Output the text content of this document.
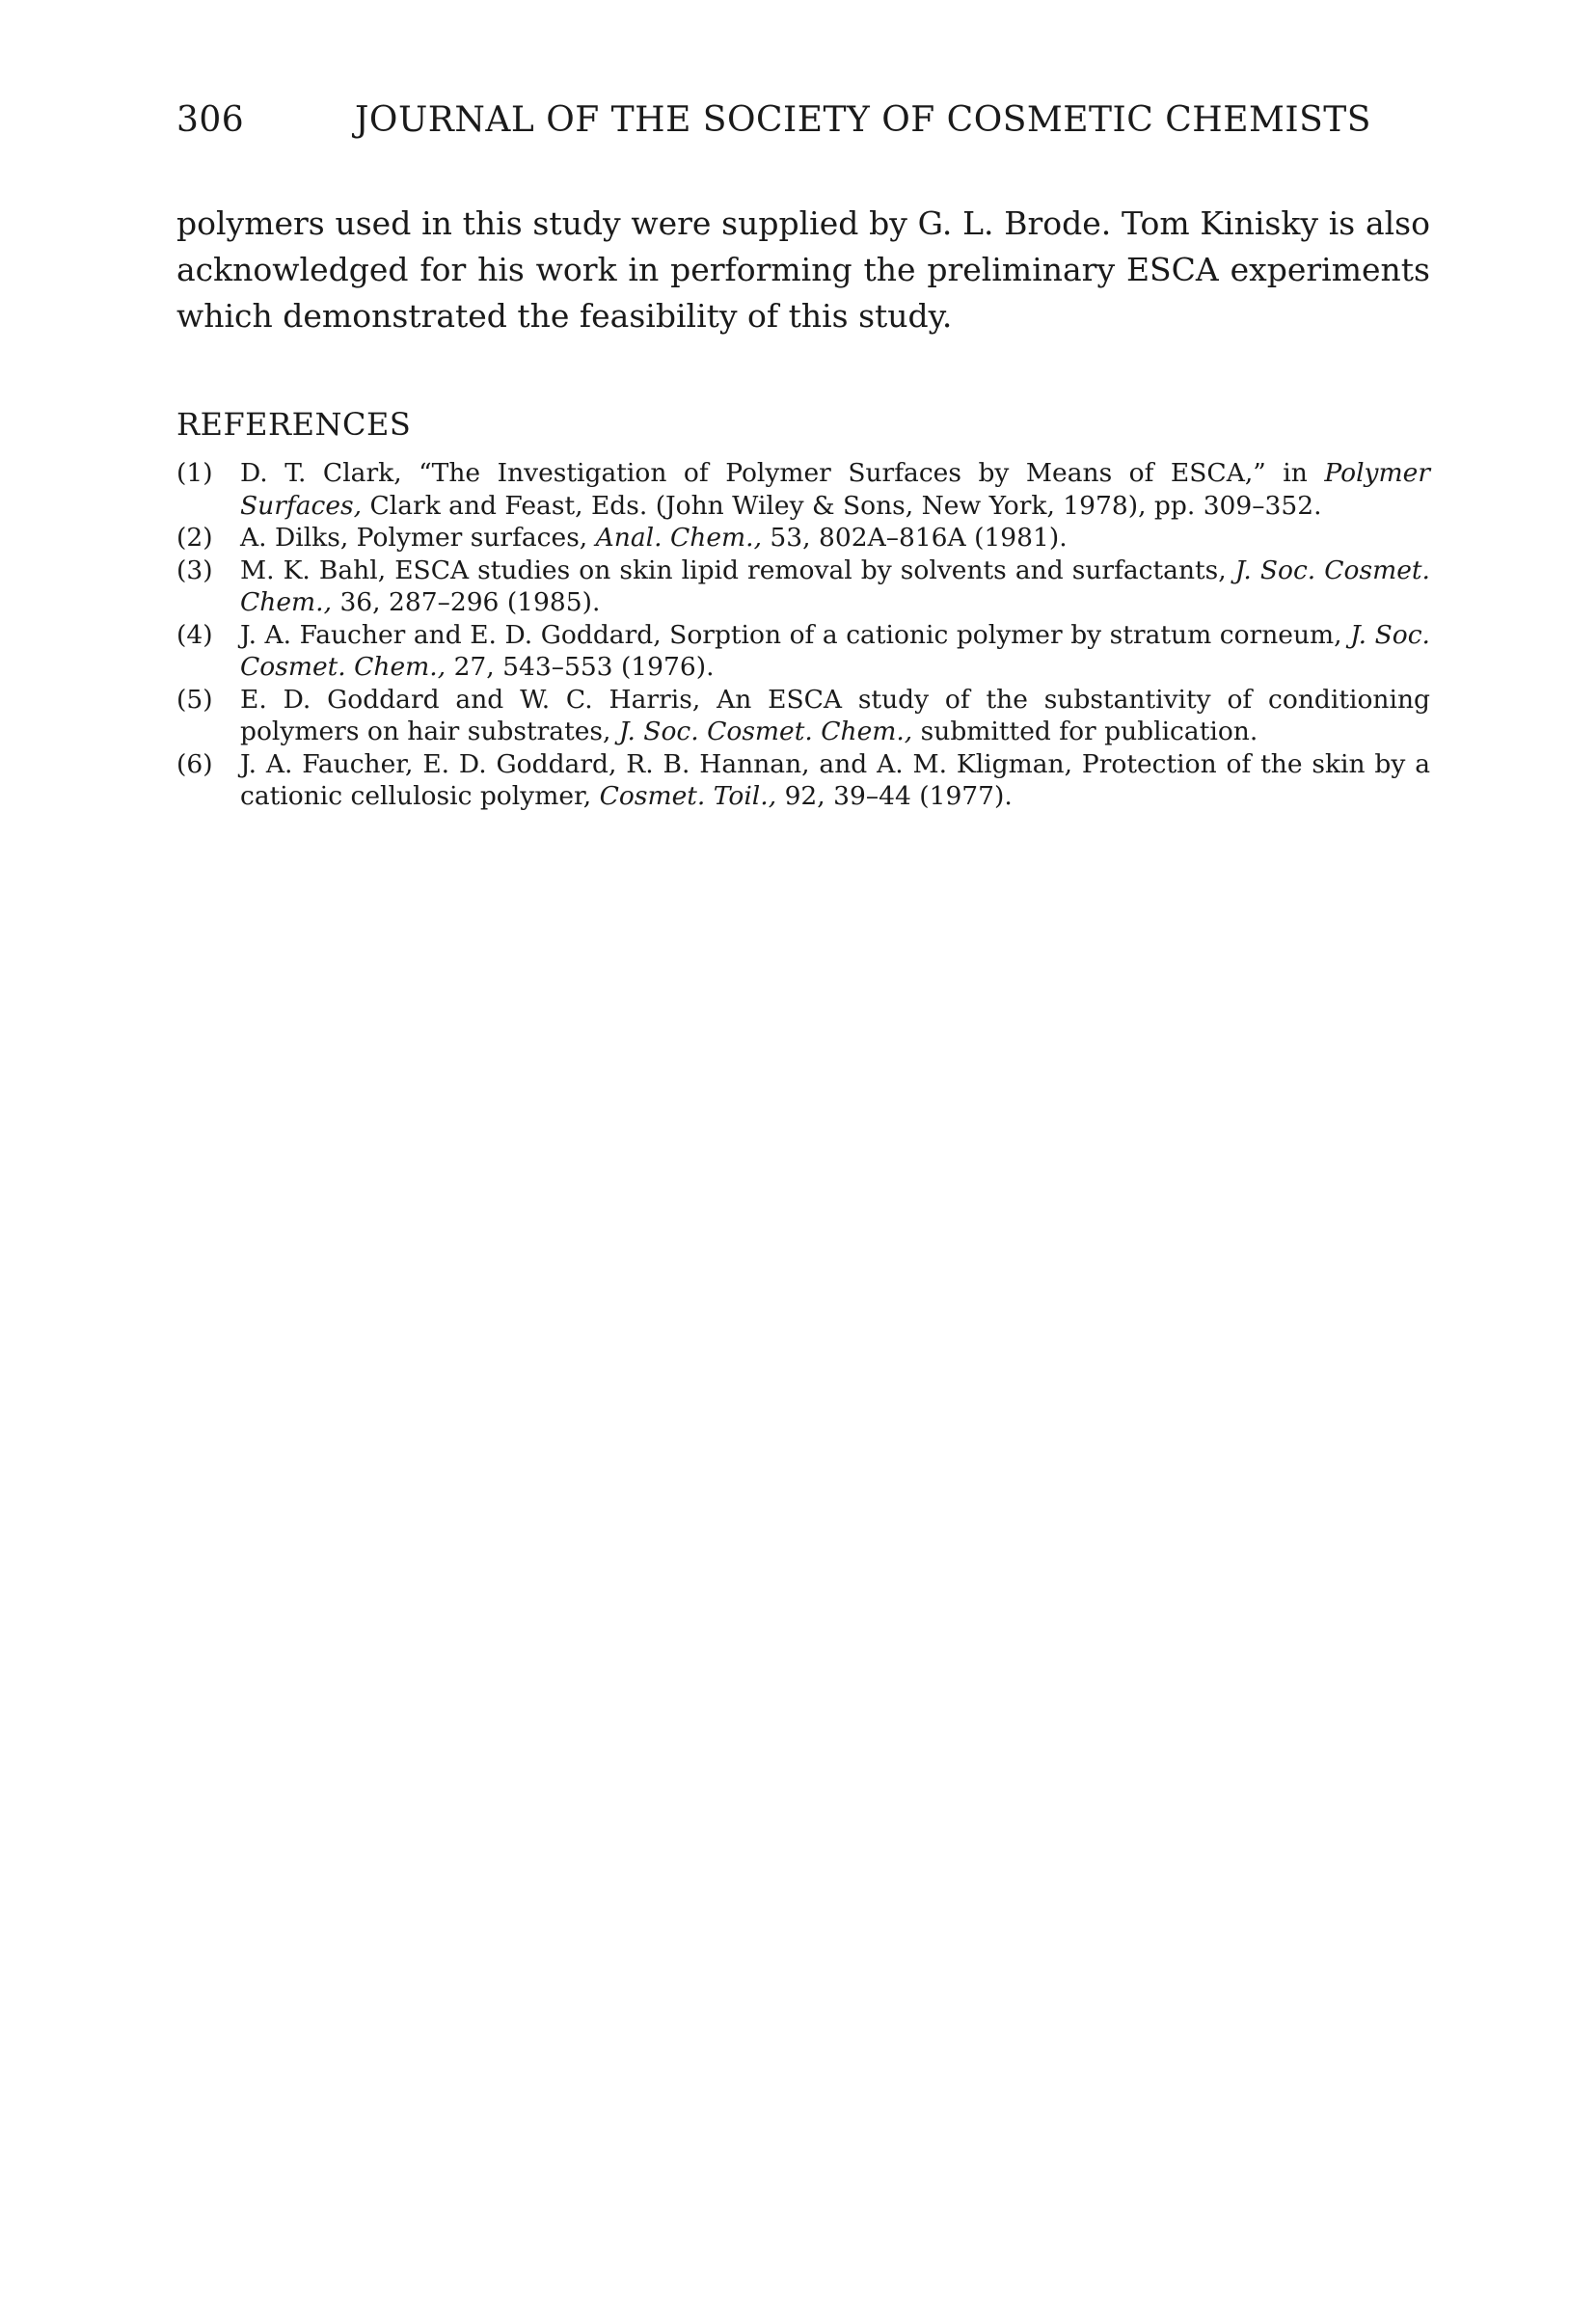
306	JOURNAL OF THE SOCIETY OF COSMETIC CHEMISTS

polymers used in this study were supplied by G. L. Brode. Tom Kinisky is also acknowledged for his work in performing the preliminary ESCA experiments which demonstrated the feasibility of this study.

REFERENCES
(1) D. T. Clark, “The Investigation of Polymer Surfaces by Means of ESCA,” in Polymer Surfaces, Clark and Feast, Eds. (John Wiley & Sons, New York, 1978), pp. 309–352.
(2) A. Dilks, Polymer surfaces, Anal. Chem., 53, 802A–816A (1981).
(3) M. K. Bahl, ESCA studies on skin lipid removal by solvents and surfactants, J. Soc. Cosmet. Chem., 36, 287–296 (1985).
(4) J. A. Faucher and E. D. Goddard, Sorption of a cationic polymer by stratum corneum, J. Soc. Cosmet. Chem., 27, 543–553 (1976).
(5) E. D. Goddard and W. C. Harris, An ESCA study of the substantivity of conditioning polymers on hair substrates, J. Soc. Cosmet. Chem., submitted for publication.
(6) J. A. Faucher, E. D. Goddard, R. B. Hannan, and A. M. Kligman, Protection of the skin by a cationic cellulosic polymer, Cosmet. Toil., 92, 39–44 (1977).
